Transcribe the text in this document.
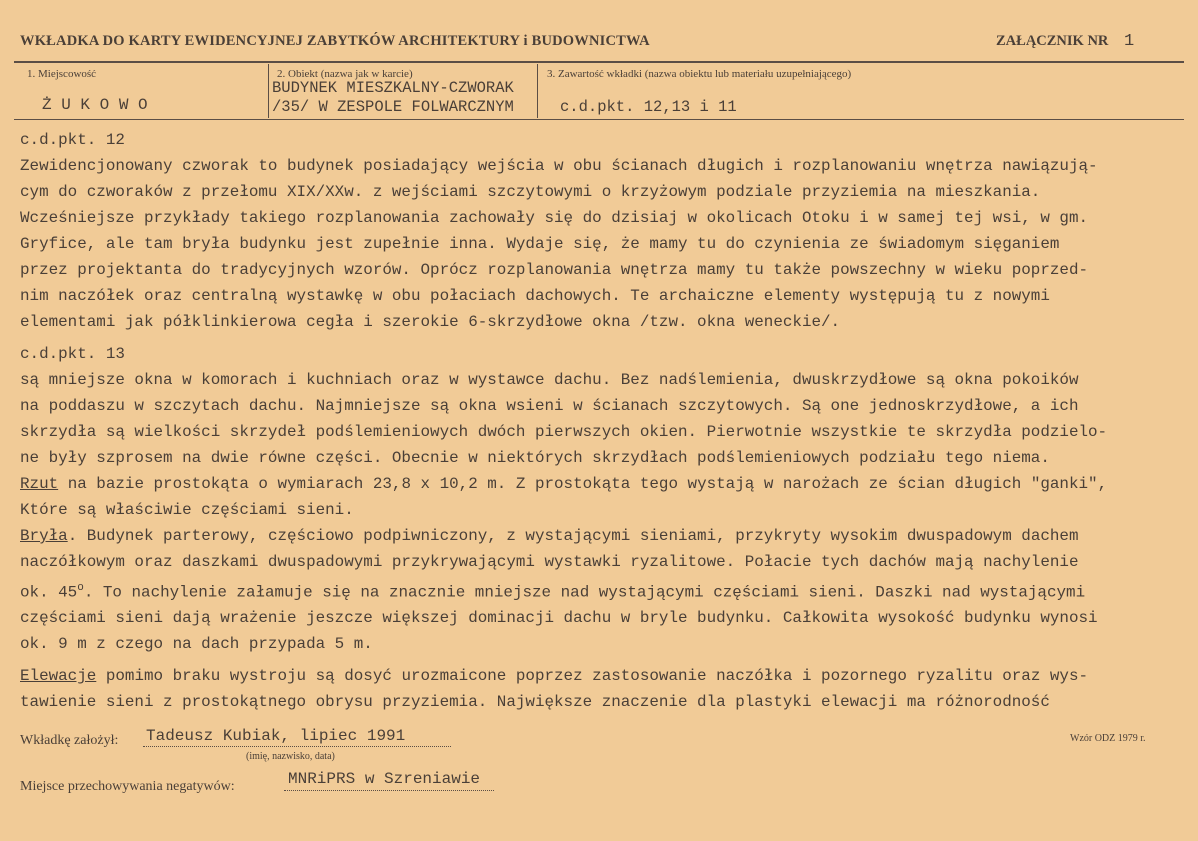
WKŁADKA DO KARTY EWIDENCYJNEJ ZABYTKÓW ARCHITEKTURY i BUDOWNICTWA	ZAŁĄCZNIK NR 1
1. Miejscowość
Ż U K O W O
2. Obiekt (nazwa jak w karcie)
BUDYNEK MIESZKALNY-CZWORAK
/35/ W ZESPOLE FOLWARCZNYM
3. Zawartość wkładki (nazwa obiektu lub materiału uzupełniającego)
c.d.pkt. 12,13 i 11
c.d.pkt. 12
Zewidencjonowany czworak to budynek posiadający wejścia w obu ścianach długich i rozplanowaniu wnętrza nawiązują-
cym do czworaków z przełomu XIX/XXw. z wejściami szczytowymi o krzyżowym podziale przyziemia na mieszkania.
Wcześniejsze przykłady takiego rozplanowania zachowały się do dzisiaj w okolicach Otoku i w samej tej wsi, w gm.
Gryfice, ale tam bryła budynku jest zupełnie inna. Wydaje się, że mamy tu do czynienia ze świadomym sięganiem
przez projektanta do tradycyjnych wzorów. Oprócz rozplanowania wnętrza mamy tu także powszechny w wieku poprzed-
nim naczółek oraz centralną wystawkę w obu połaciach dachowych. Te archaiczne elementy występują tu z nowymi
elementami jak półklinkierowa cegła i szerokie 6-skrzydłowe okna /tzw. okna weneckie/.
c.d.pkt. 13
są mniejsze okna w komorach i kuchniach oraz w wystawce dachu. Bez nadślemienia, dwuskrzydłowe są okna pokoików
na poddaszu w szczytach dachu. Najmniejsze są okna wsieni w ścianach szczytowych. Są one jednoskrzydłowe, a ich
skrzydła są wielkości skrzydeł podślemieniowych dwóch pierwszych okien. Pierwotnie wszystkie te skrzydła podzielo-
ne były szprosem na dwie równe części. Obecnie w niektórych skrzydłach podślemieniowych podziału tego niema.
Rzut na bazie prostokąta o wymiarach 23,8 x 10,2 m. Z prostokąta tego wystają w narożach ze ścian długich "ganki",
Które są właściwie częściami sieni.
Bryła. Budynek parterowy, częściowo podpiwniczony, z wystającymi sieniami, przykryty wysokim dwuspadowym dachem
naczółkowym oraz daszkami dwuspadowymi przykrywającymi wystawki ryzalitowe. Połacie tych dachów mają nachylenie
ok. 45$^o$. To nachylenie załamuje się na znacznie mniejsze nad wystającymi częściami sieni. Daszki nad wystającymi
częściami sieni dają wrażenie jeszcze większej dominacji dachu w bryle budynku. Całkowita wysokość budynku wynosi
ok. 9 m z czego na dach przypada 5 m.
Elewacje pomimo braku wystroju są dosyć urozmaicone poprzez zastosowanie naczółka i pozornego ryzalitu oraz wys-
tawienie sieni z prostokątnego obrysu przyziemia. Największe znaczenie dla plastyki elewacji ma różnorodność
Wkładkę założył: Tadeusz Kubiak, lipiec 1991
(imię, nazwisko, data)
Wzór ODZ 1979 r.
Miejsce przechowywania negatywów:	MNRiPRS w Szreniawie
